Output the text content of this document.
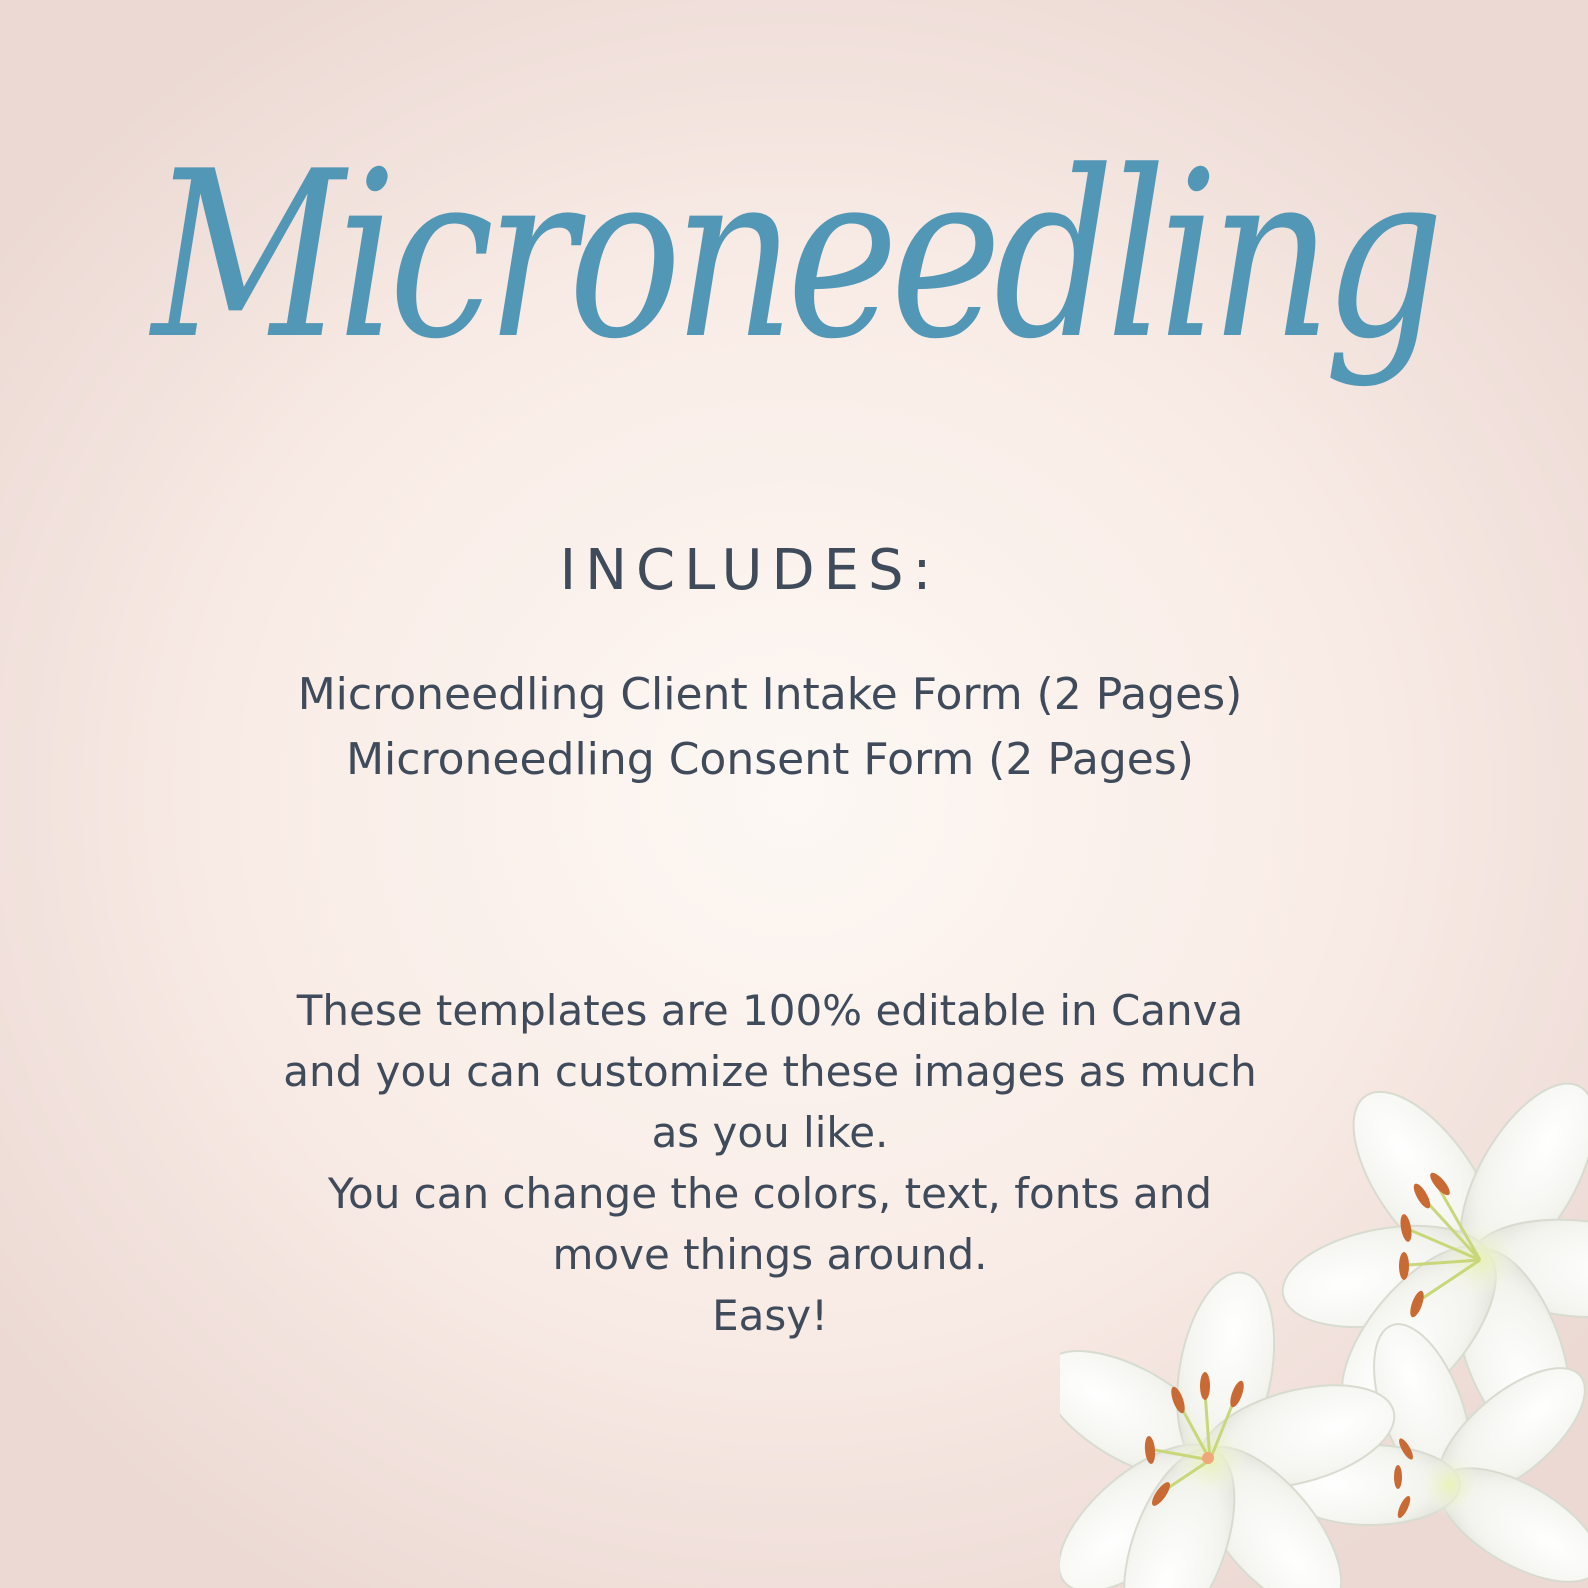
Microneedling
INCLUDES:
Microneedling Client Intake Form (2 Pages)
Microneedling Consent Form (2 Pages)
These templates are 100% editable in Canva
and you can customize these images as much
as you like.
You can change the colors, text, fonts and
move things around.
Easy!
